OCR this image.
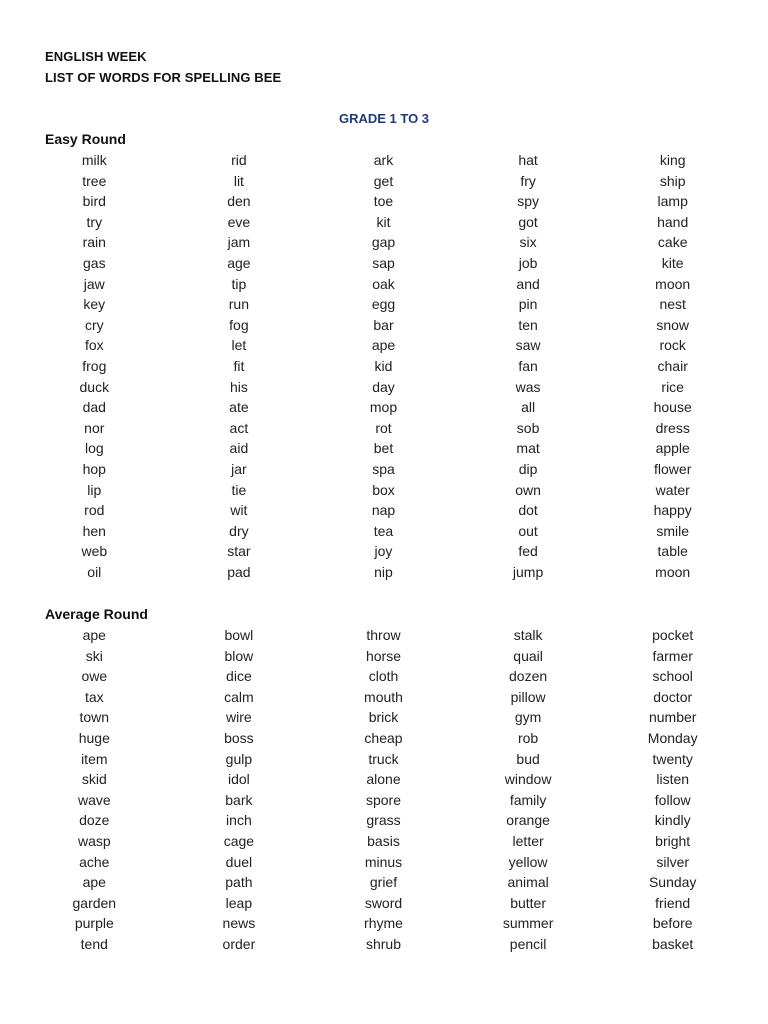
ENGLISH WEEK
LIST OF WORDS FOR SPELLING BEE
GRADE 1 TO 3
Easy Round
milk	rid	ark	hat	king
tree	lit	get	fry	ship
bird	den	toe	spy	lamp
try	eve	kit	got	hand
rain	jam	gap	six	cake
gas	age	sap	job	kite
jaw	tip	oak	and	moon
key	run	egg	pin	nest
cry	fog	bar	ten	snow
fox	let	ape	saw	rock
frog	fit	kid	fan	chair
duck	his	day	was	rice
dad	ate	mop	all	house
nor	act	rot	sob	dress
log	aid	bet	mat	apple
hop	jar	spa	dip	flower
lip	tie	box	own	water
rod	wit	nap	dot	happy
hen	dry	tea	out	smile
web	star	joy	fed	table
oil	pad	nip	jump	moon
Average Round
ape	bowl	throw	stalk	pocket
ski	blow	horse	quail	farmer
owe	dice	cloth	dozen	school
tax	calm	mouth	pillow	doctor
town	wire	brick	gym	number
huge	boss	cheap	rob	Monday
item	gulp	truck	bud	twenty
skid	idol	alone	window	listen
wave	bark	spore	family	follow
doze	inch	grass	orange	kindly
wasp	cage	basis	letter	bright
ache	duel	minus	yellow	silver
ape	path	grief	animal	Sunday
garden	leap	sword	butter	friend
purple	news	rhyme	summer	before
tend	order	shrub	pencil	basket
